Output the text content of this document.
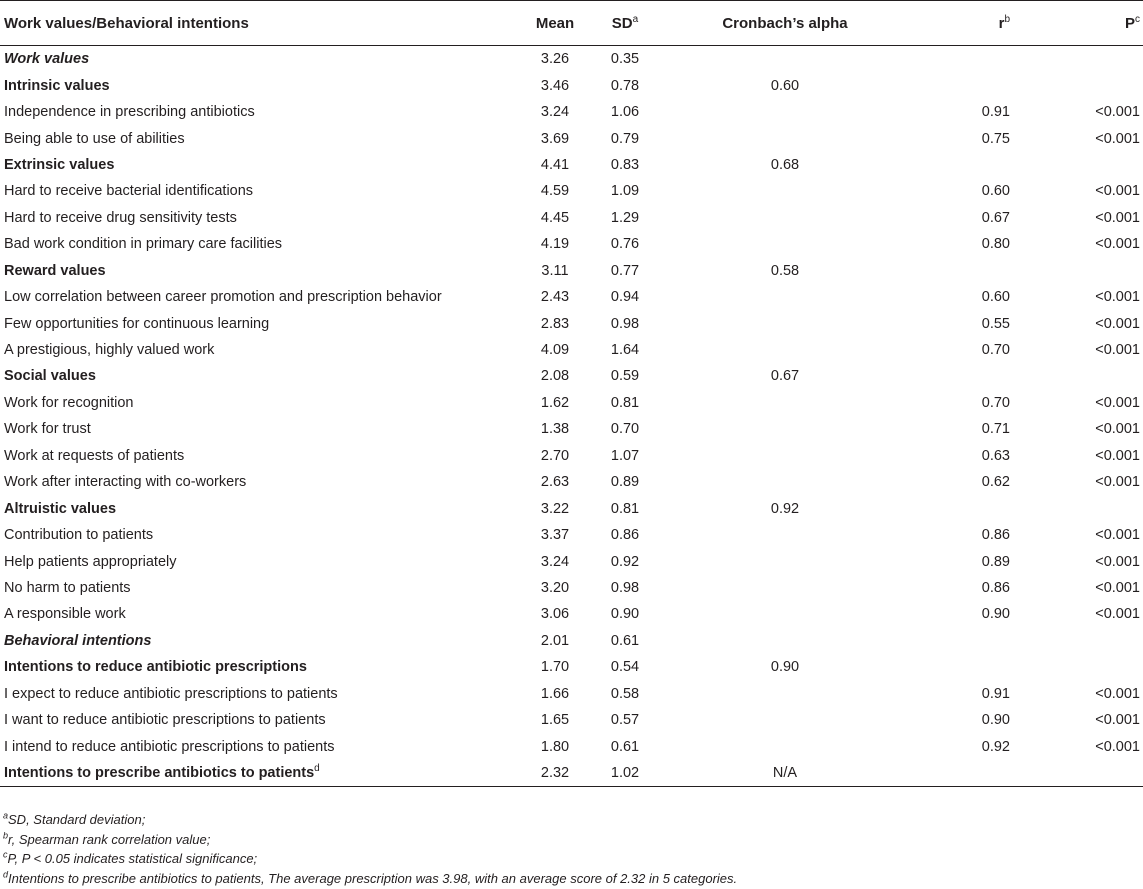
Work values/Behavioral intentions	Mean	$SD^a$	Cronbach’s alpha	$r^b$	$P^c$
Work values	3.26	0.35			
Intrinsic values	3.46	0.78	0.60		
Independence in prescribing antibiotics	3.24	1.06		0.91	<0.001
Being able to use of abilities	3.69	0.79		0.75	<0.001
Extrinsic values	4.41	0.83	0.68		
Hard to receive bacterial identifications	4.59	1.09		0.60	<0.001
Hard to receive drug sensitivity tests	4.45	1.29		0.67	<0.001
Bad work condition in primary care facilities	4.19	0.76		0.80	<0.001
Reward values	3.11	0.77	0.58		
Low correlation between career promotion and prescription behavior	2.43	0.94		0.60	<0.001
Few opportunities for continuous learning	2.83	0.98		0.55	<0.001
A prestigious, highly valued work	4.09	1.64		0.70	<0.001
Social values	2.08	0.59	0.67		
Work for recognition	1.62	0.81		0.70	<0.001
Work for trust	1.38	0.70		0.71	<0.001
Work at requests of patients	2.70	1.07		0.63	<0.001
Work after interacting with co-workers	2.63	0.89		0.62	<0.001
Altruistic values	3.22	0.81	0.92		
Contribution to patients	3.37	0.86		0.86	<0.001
Help patients appropriately	3.24	0.92		0.89	<0.001
No harm to patients	3.20	0.98		0.86	<0.001
A responsible work	3.06	0.90		0.90	<0.001
Behavioral intentions	2.01	0.61			
Intentions to reduce antibiotic prescriptions	1.70	0.54	0.90		
I expect to reduce antibiotic prescriptions to patients	1.66	0.58		0.91	<0.001
I want to reduce antibiotic prescriptions to patients	1.65	0.57		0.90	<0.001
I intend to reduce antibiotic prescriptions to patients	1.80	0.61		0.92	<0.001
Intentions to prescribe antibiotics to patients$^d$	2.32	1.02	N/A		
$^a$SD, Standard deviation;
$^b$r, Spearman rank correlation value;
$^c$P, P < 0.05 indicates statistical significance;
$^d$Intentions to prescribe antibiotics to patients, The average prescription was 3.98, with an average score of 2.32 in 5 categories.
